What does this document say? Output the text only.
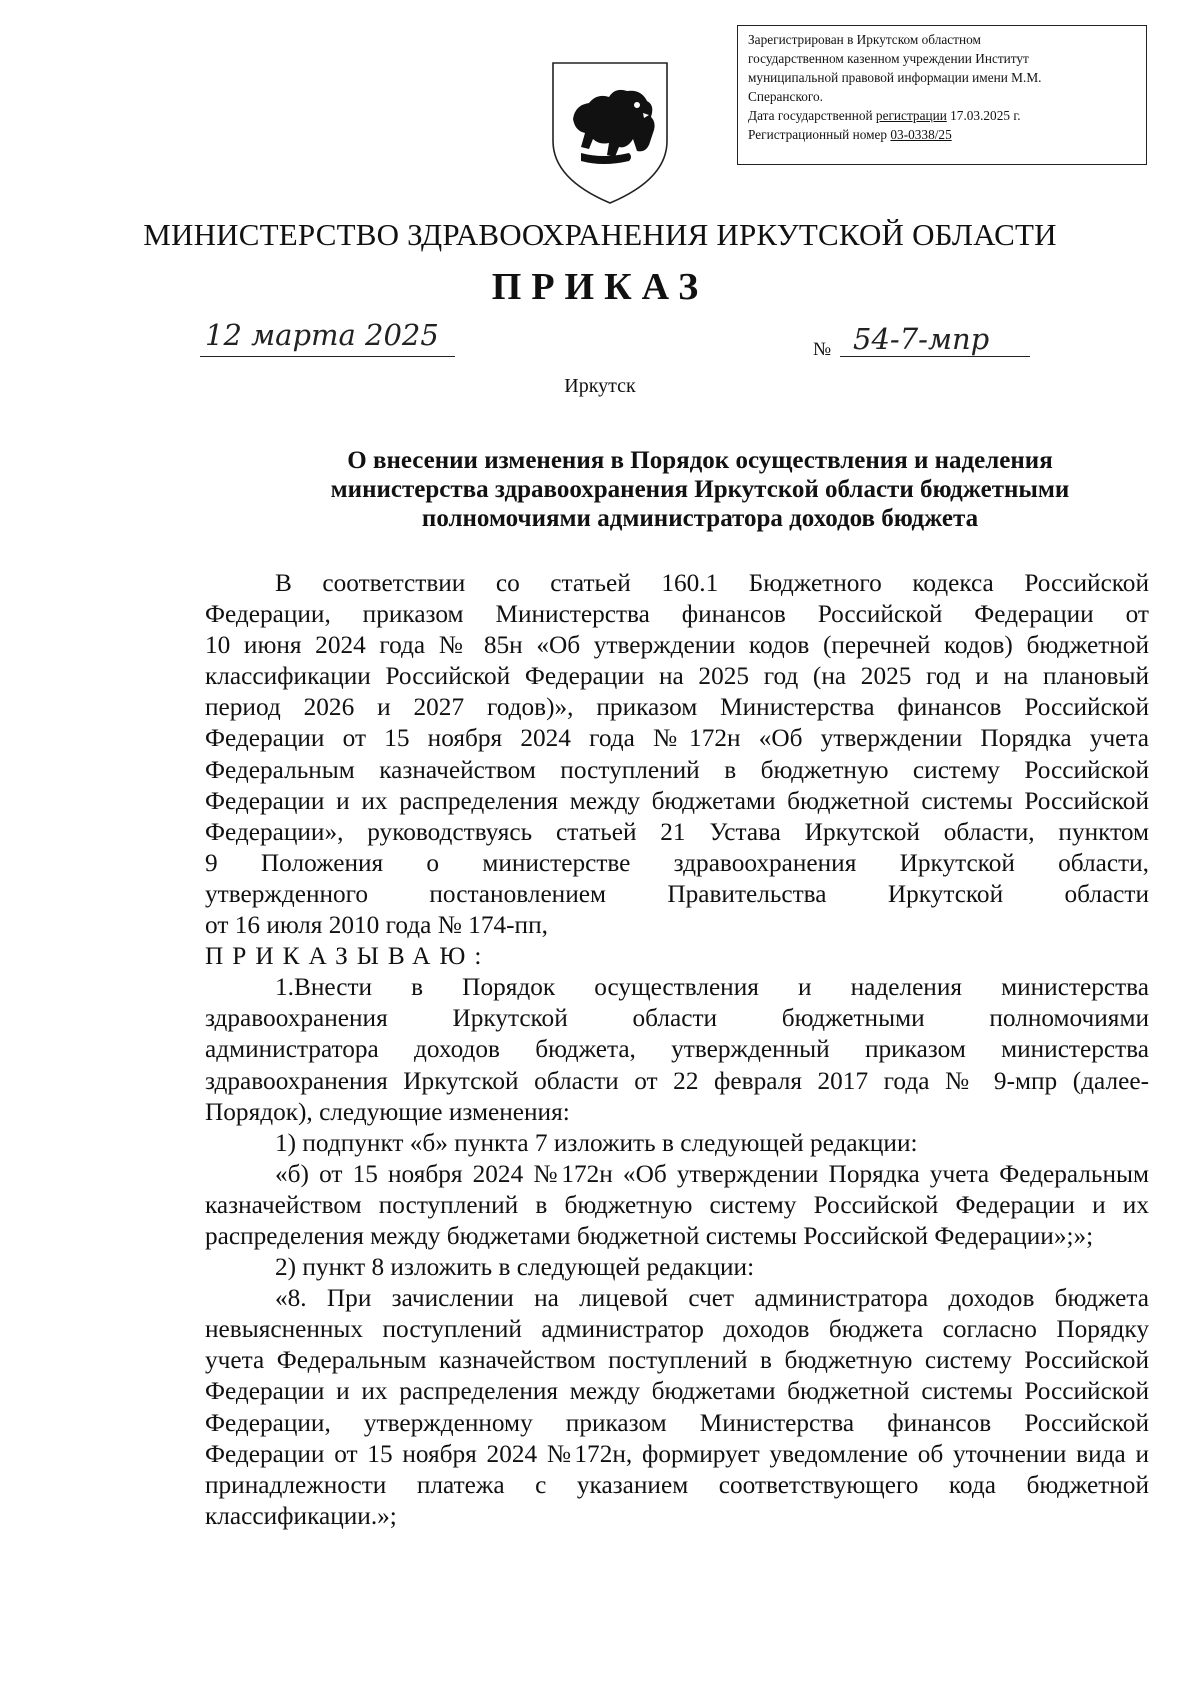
Зарегистрирован в Иркутском областном
государственном казенном учреждении Институт
муниципальной правовой информации имени М.М.
Сперанского.
Дата государственной регистрации 17.03.2025 г.
Регистрационный номер 03-0338/25
МИНИСТЕРСТВО ЗДРАВООХРАНЕНИЯ ИРКУТСКОЙ ОБЛАСТИ
ПРИКАЗ
12 марта 2025	№ 54-7-мпр
Иркутск
О внесении изменения в Порядок осуществления и наделения
министерства здравоохранения Иркутской области бюджетными
полномочиями администратора доходов бюджета
В соответствии со статьей 160.1 Бюджетного кодекса Российской
Федерации, приказом Министерства финансов Российской Федерации от
10 июня 2024 года № 85н «Об утверждении кодов (перечней кодов) бюджетной
классификации Российской Федерации на 2025 год (на 2025 год и на плановый
период 2026 и 2027 годов)», приказом Министерства финансов Российской
Федерации от 15 ноября 2024 года №172н «Об утверждении Порядка учета
Федеральным казначейством поступлений в бюджетную систему Российской
Федерации и их распределения между бюджетами бюджетной системы Российской
Федерации», руководствуясь статьей 21 Устава Иркутской области, пунктом
9 Положения о министерстве здравоохранения Иркутской области,
утвержденного постановлением Правительства Иркутской области
от 16 июля 2010 года № 174-пп,
ПРИКАЗЫВАЮ:
1.Внести в Порядок осуществления и наделения министерства
здравоохранения Иркутской области бюджетными полномочиями
администратора доходов бюджета, утвержденный приказом министерства
здравоохранения Иркутской области от 22 февраля 2017 года № 9-мпр (далее-
Порядок), следующие изменения:
1) подпункт «б» пункта 7 изложить в следующей редакции:
«б) от 15 ноября 2024 №172н «Об утверждении Порядка учета Федеральным
казначейством поступлений в бюджетную систему Российской Федерации и их
распределения между бюджетами бюджетной системы Российской Федерации»;»;
2) пункт 8 изложить в следующей редакции:
«8. При зачислении на лицевой счет администратора доходов бюджета
невыясненных поступлений администратор доходов бюджета согласно Порядку
учета Федеральным казначейством поступлений в бюджетную систему Российской
Федерации и их распределения между бюджетами бюджетной системы Российской
Федерации, утвержденному приказом Министерства финансов Российской
Федерации от 15 ноября 2024 №172н, формирует уведомление об уточнении вида и
принадлежности платежа с указанием соответствующего кода бюджетной
классификации.»;
